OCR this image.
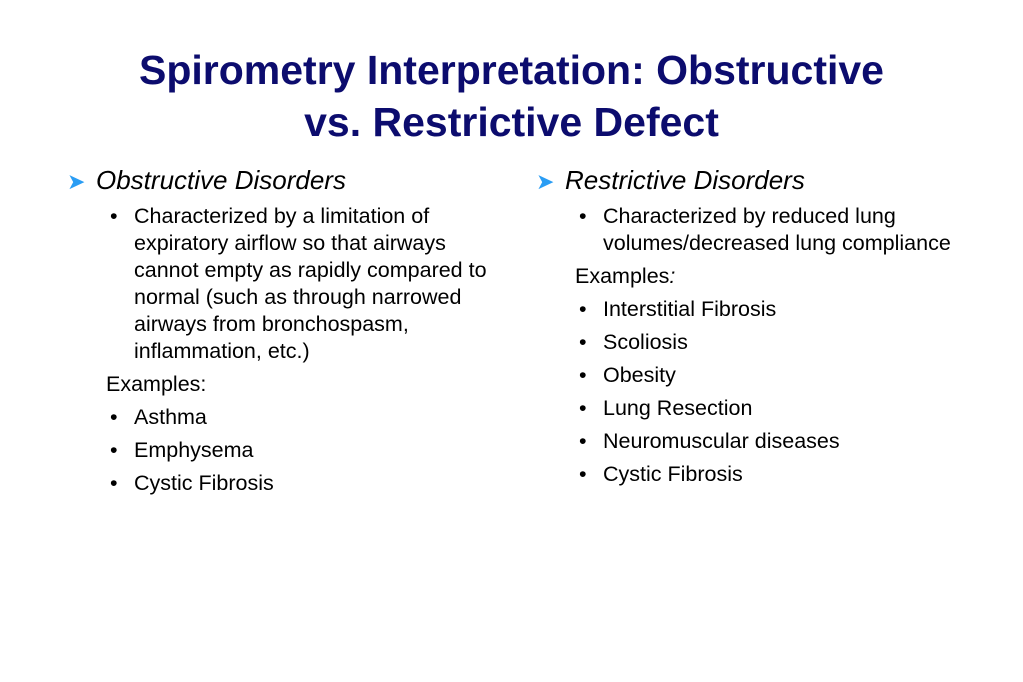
Spirometry Interpretation: Obstructive
vs. Restrictive Defect
➤ Obstructive Disorders
• Characterized by a limitation of expiratory airflow so that airways cannot empty as rapidly compared to normal (such as through narrowed airways from bronchospasm, inflammation, etc.)
Examples:
• Asthma
• Emphysema
• Cystic Fibrosis
➤ Restrictive Disorders
• Characterized by reduced lung volumes/decreased lung compliance
Examples:
• Interstitial Fibrosis
• Scoliosis
• Obesity
• Lung Resection
• Neuromuscular diseases
• Cystic Fibrosis
